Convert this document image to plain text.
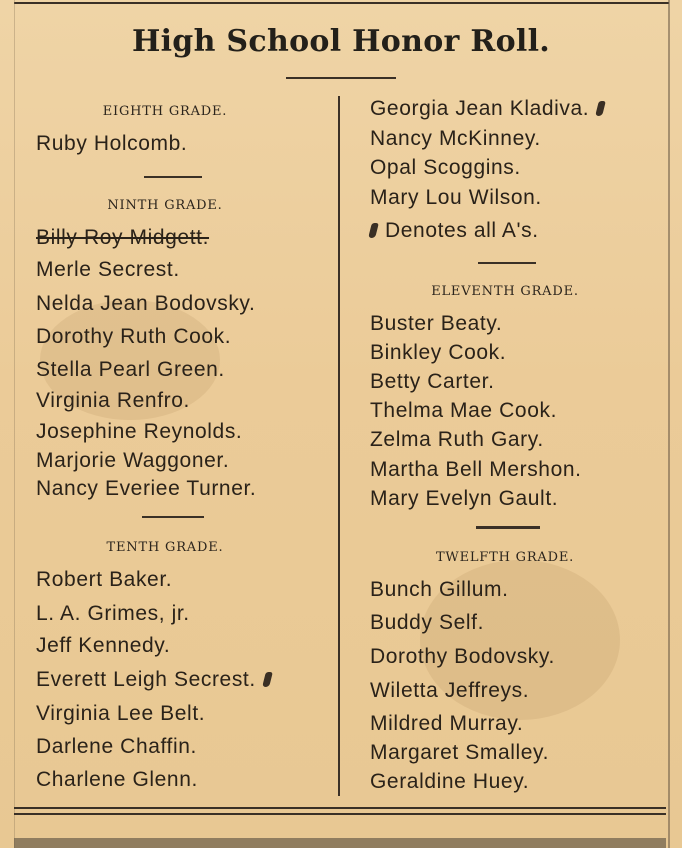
High School Honor Roll.
EIGHTH GRADE.
Ruby Holcomb.
NINTH GRADE.
Billy Roy Midgett.
Merle Secrest.
Nelda Jean Bodovsky.
Dorothy Ruth Cook.
Stella Pearl Green.
Virginia Renfro.
Josephine Reynolds.
Marjorie Waggoner.
Nancy Everiee Turner.
TENTH GRADE.
Robert Baker.
L. A. Grimes, jr.
Jeff Kennedy.
Everett Leigh Secrest.
Virginia Lee Belt.
Darlene Chaffin.
Charlene Glenn.
Georgia Jean Kladiva.
Nancy McKinney.
Opal Scoggins.
Mary Lou Wilson.
Denotes all A's.
ELEVENTH GRADE.
Buster Beaty.
Binkley Cook.
Betty Carter.
Thelma Mae Cook.
Zelma Ruth Gary.
Martha Bell Mershon.
Mary Evelyn Gault.
TWELFTH GRADE.
Bunch Gillum.
Buddy Self.
Dorothy Bodovsky.
Wiletta Jeffreys.
Mildred Murray.
Margaret Smalley.
Geraldine Huey.
